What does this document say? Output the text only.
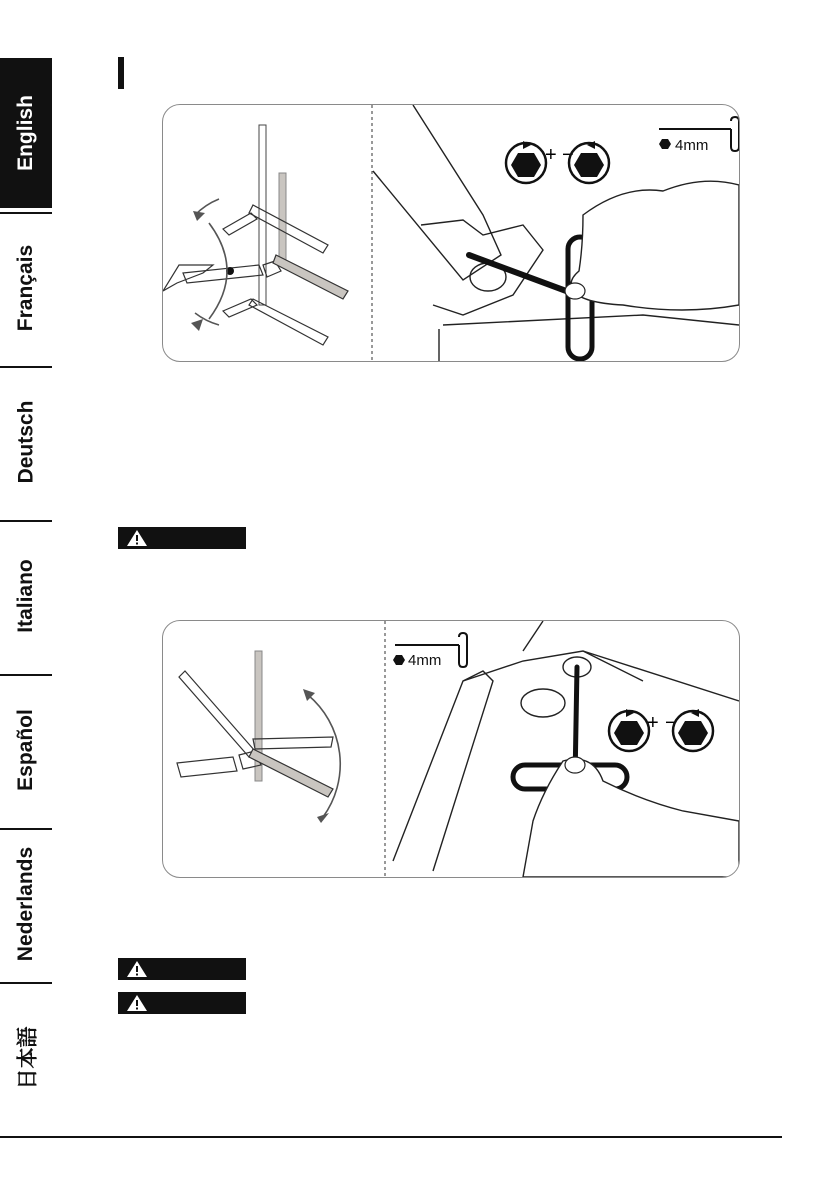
English
Français
Deutsch
Italiano
Español
Nederlands
日本語
+ −	4mm
+ −
4mm
